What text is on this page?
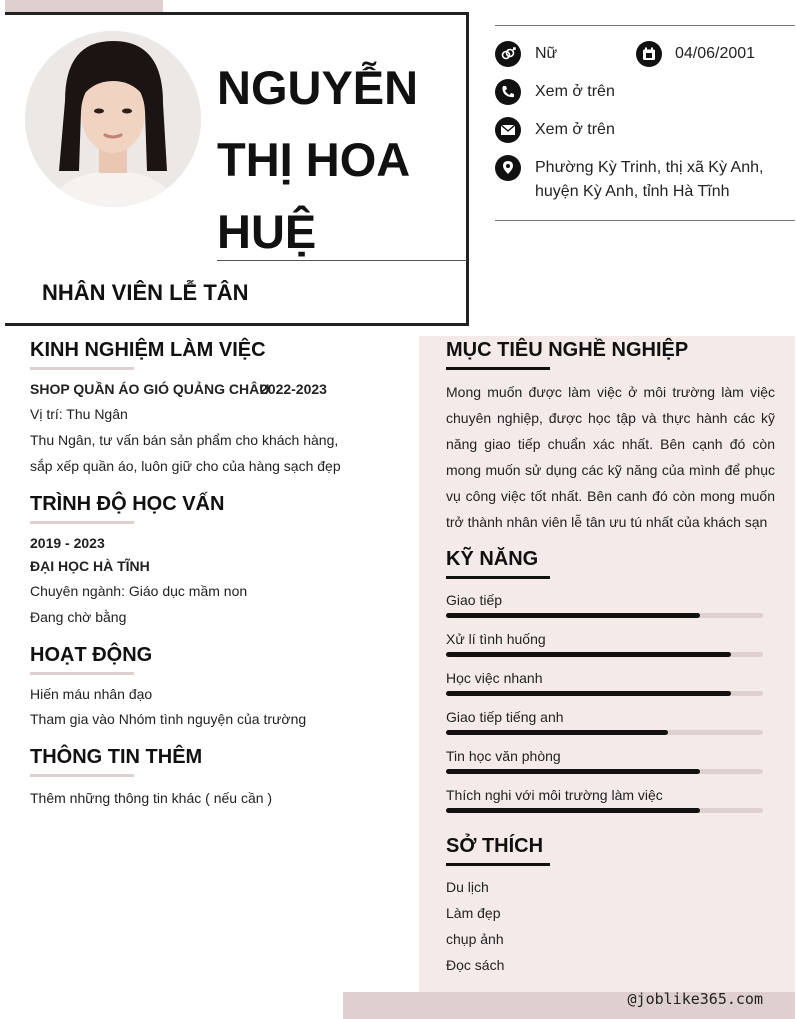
NGUYỄN
THỊ HOA
HUỆ
NHÂN VIÊN LỄ TÂN
Nữ	04/06/2001
Xem ở trên
Xem ở trên
Phường Kỳ Trinh, thị xã Kỳ Anh,
huyện Kỳ Anh, tỉnh Hà Tĩnh
KINH NGHIỆM LÀM VIỆC
SHOP QUẦN ÁO GIÓ QUẢNG CHÂU
2022-2023
Vị trí: Thu Ngân
Thu Ngân, tư vấn bán sản phẩm cho khách hàng,
sắp xếp quần áo, luôn giữ cho của hàng sạch đẹp
TRÌNH ĐỘ HỌC VẤN
2019 - 2023
ĐẠI HỌC HÀ TĨNH
Chuyên ngành: Giáo dục mầm non
Đang chờ bằng
HOẠT ĐỘNG
Hiến máu nhân đạo
Tham gia vào Nhóm tình nguyện của trường
THÔNG TIN THÊM
Thêm những thông tin khác ( nếu cần )
MỤC TIÊU NGHỀ NGHIỆP
Mong muốn được làm việc ở môi trường làm việc chuyên nghiệp, được học tập và thực hành các kỹ năng giao tiếp chuẩn xác nhất. Bên cạnh đó còn mong muốn sử dụng các kỹ năng của mình để phục vụ công việc tốt nhất. Bên canh đó còn mong muốn trở thành nhân viên lễ tân ưu tú nhất của khách sạn
KỸ NĂNG
Giao tiếp
Xử lí tình huống
Học việc nhanh
Giao tiếp tiếng anh
Tin học văn phòng
Thích nghi với môi trường làm việc
SỞ THÍCH
Du lịch
Làm đẹp
chụp ảnh
Đọc sách
@joblike365.com
